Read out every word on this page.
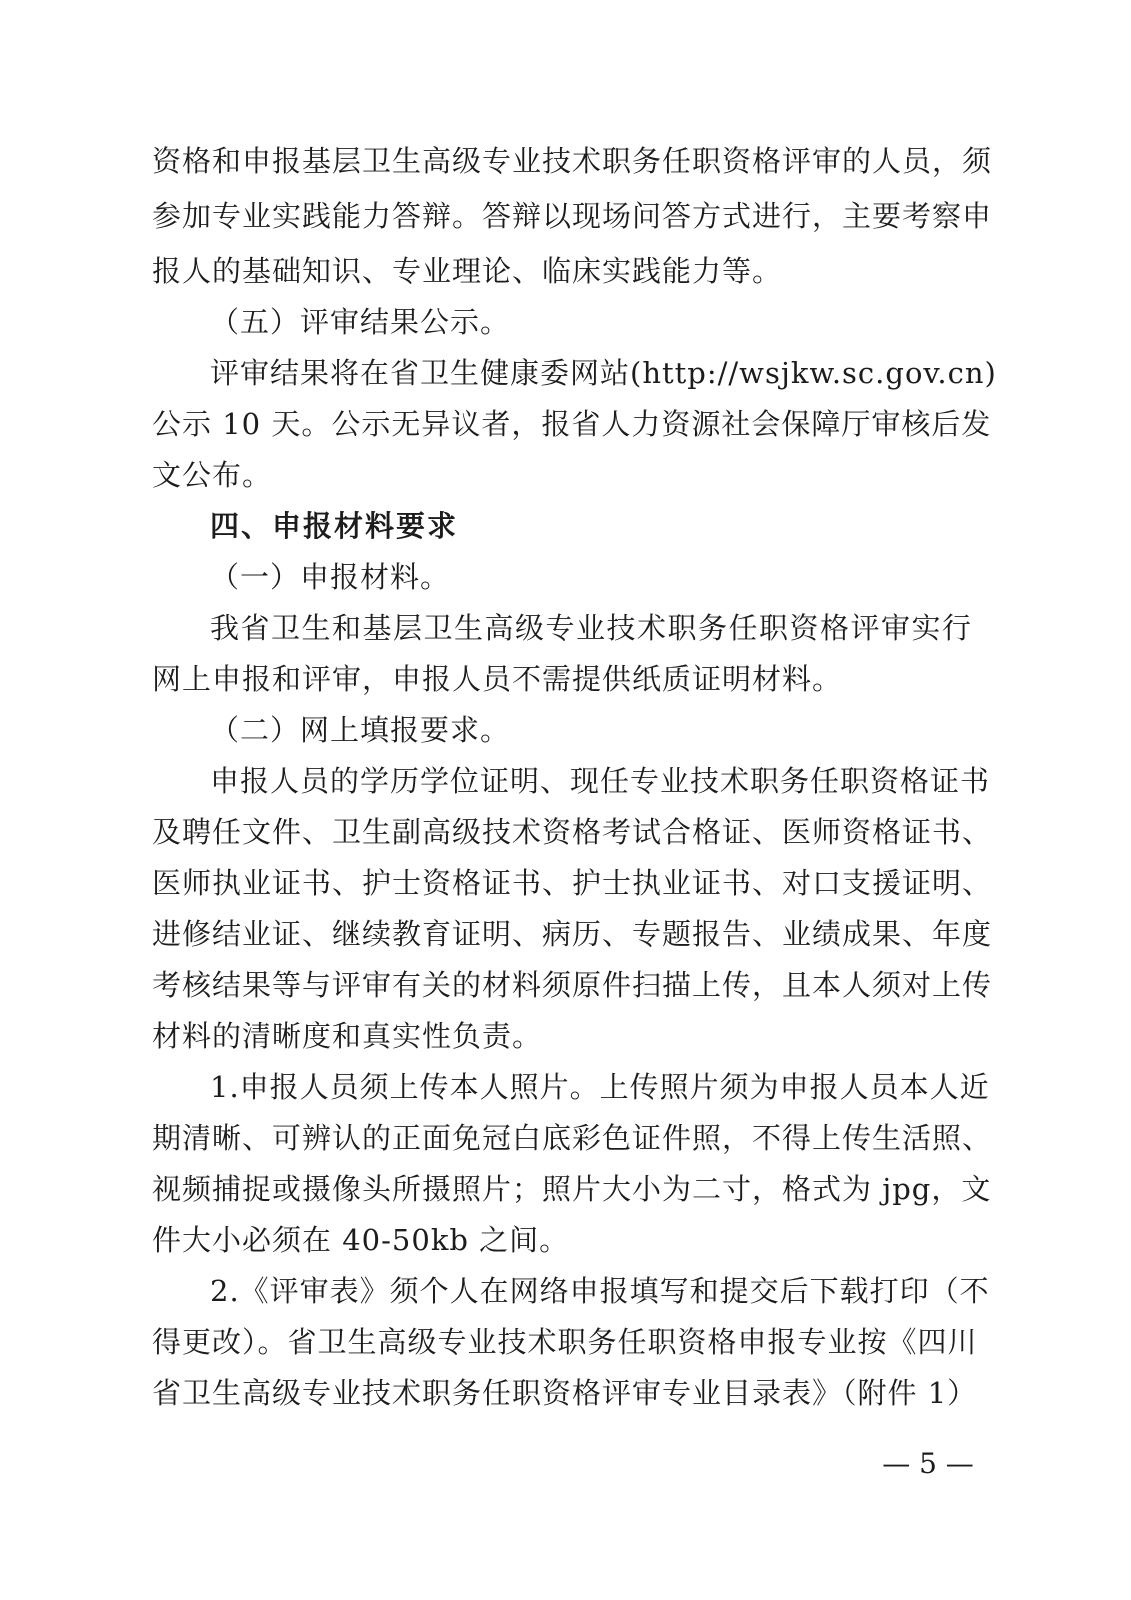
资格和申报基层卫生高级专业技术职务任职资格评审的人员，须
参加专业实践能力答辩。答辩以现场问答方式进行，主要考察申
报人的基础知识、专业理论、临床实践能力等。
（五）评审结果公示。
评审结果将在省卫生健康委网站(http://wsjkw.sc.gov.cn)
公示 10 天。公示无异议者，报省人力资源社会保障厅审核后发
文公布。
四、申报材料要求
（一）申报材料。
我省卫生和基层卫生高级专业技术职务任职资格评审实行
网上申报和评审，申报人员不需提供纸质证明材料。
（二）网上填报要求。
申报人员的学历学位证明、现任专业技术职务任职资格证书
及聘任文件、卫生副高级技术资格考试合格证、医师资格证书、
医师执业证书、护士资格证书、护士执业证书、对口支援证明、
进修结业证、继续教育证明、病历、专题报告、业绩成果、年度
考核结果等与评审有关的材料须原件扫描上传，且本人须对上传
材料的清晰度和真实性负责。
1.申报人员须上传本人照片。上传照片须为申报人员本人近
期清晰、可辨认的正面免冠白底彩色证件照，不得上传生活照、
视频捕捉或摄像头所摄照片；照片大小为二寸，格式为 jpg，文
件大小必须在 40-50kb 之间。
2.《评审表》须个人在网络申报填写和提交后下载打印（不
得更改）。省卫生高级专业技术职务任职资格申报专业按《四川
省卫生高级专业技术职务任职资格评审专业目录表》（附件 1）
— 5 —
